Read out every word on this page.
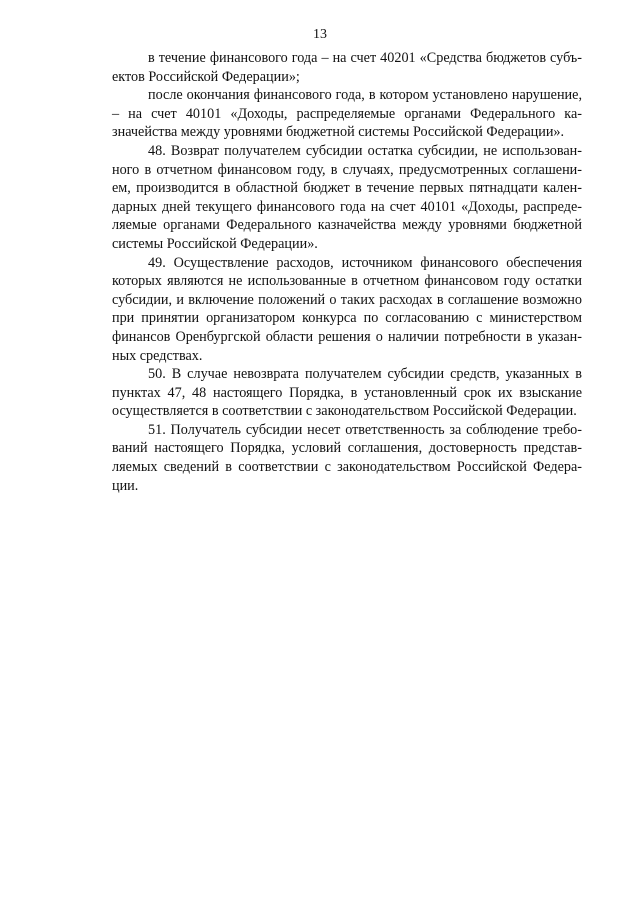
13

в течение финансового года – на счет 40201 «Средства бюджетов субъектов Российской Федерации»;

после окончания финансового года, в котором установлено нарушение, – на счет 40101 «Доходы, распределяемые органами Федерального казначейства между уровнями бюджетной системы Российской Федерации».

48. Возврат получателем субсидии остатка субсидии, не использованного в отчетном финансовом году, в случаях, предусмотренных соглашением, производится в областной бюджет в течение первых пятнадцати календарных дней текущего финансового года на счет 40101 «Доходы, распределяемые органами Федерального казначейства между уровнями бюджетной системы Российской Федерации».

49. Осуществление расходов, источником финансового обеспечения которых являются не использованные в отчетном финансовом году остатки субсидии, и включение положений о таких расходах в соглашение возможно при принятии организатором конкурса по согласованию с министерством финансов Оренбургской области решения о наличии потребности в указанных средствах.

50. В случае невозврата получателем субсидии средств, указанных в пунктах 47, 48 настоящего Порядка, в установленный срок их взыскание осуществляется в соответствии с законодательством Российской Федерации.

51. Получатель субсидии несет ответственность за соблюдение требований настоящего Порядка, условий соглашения, достоверность представляемых сведений в соответствии с законодательством Российской Федерации.
